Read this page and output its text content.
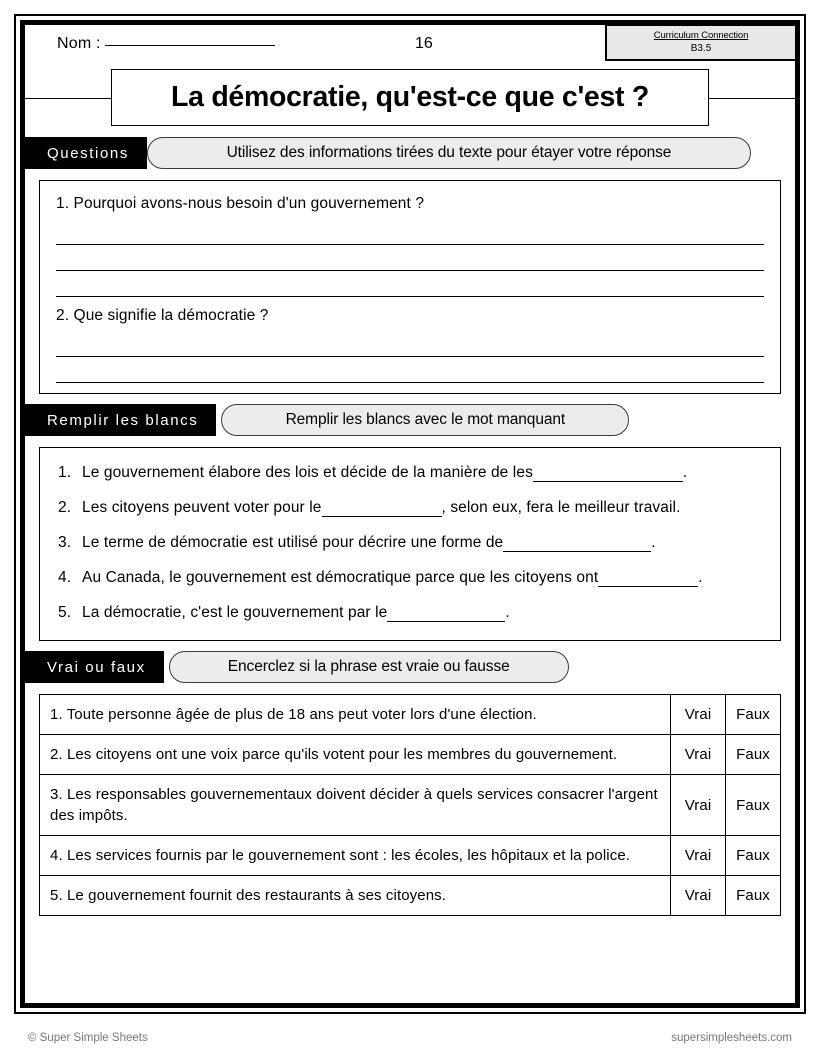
Nom :	16	Curriculum Connection
B3.5
La démocratie, qu'est-ce que c'est ?
Questions	Utilisez des informations tirées du texte pour étayer votre réponse
1. Pourquoi avons-nous besoin d'un gouvernement ?
2. Que signifie la démocratie ?
Remplir les blancs	Remplir les blancs avec le mot manquant
1. Le gouvernement élabore des lois et décide de la manière de les	.
2. Les citoyens peuvent voter pour le	, selon eux, fera le meilleur travail.
3. Le terme de démocratie est utilisé pour décrire une forme de	.
4. Au Canada, le gouvernement est démocratique parce que les citoyens ont	.
5. La démocratie, c'est le gouvernement par le	.
Vrai ou faux	Encerclez si la phrase est vraie ou fausse
1. Toute personne âgée de plus de 18 ans peut voter lors d'une élection.	Vrai	Faux
2. Les citoyens ont une voix parce qu'ils votent pour les membres du gouvernement.	Vrai	Faux
3. Les responsables gouvernementaux doivent décider à quels services consacrer l'argent des impôts.	Vrai	Faux
4. Les services fournis par le gouvernement sont : les écoles, les hôpitaux et la police.	Vrai	Faux
5. Le gouvernement fournit des restaurants à ses citoyens.	Vrai	Faux
© Super Simple Sheets	supersimplesheets.com
